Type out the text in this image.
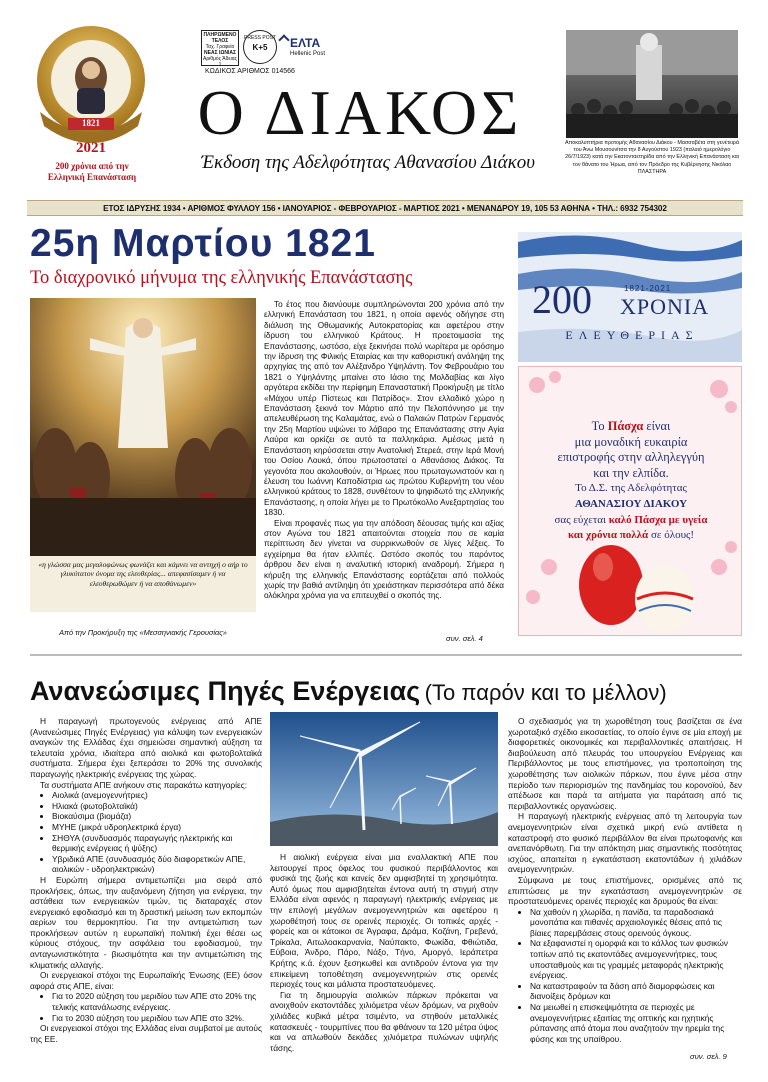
1821
2021
200 χρόνια από την Ελληνική Επανάσταση
ΠΛΗΡΩΜΕΝΟ ΤΕΛΟΣ
Ταχ. Γραφείο
ΝΕΑΣ ΙΩΝΙΑΣ
Αριθμός Άδειας
1
PRESS POST
Κ+5	ΕΛΤΑ
Hellenic Post
ΚΩΔΙΚΟΣ ΑΡΙΘΜΟΣ 014566
Ο ΔΙΑΚΟΣ
Έκδοση της Αδελφότητας Αθανασίου Διάκου
Αποκαλυπτήρια προτομής Αθανασίου Διάκου - Μασσαβέτα στη γενέτειρά του Άνω Μουσουνίτσα την 8 Αυγούστου 1923 (παλαιό ημερολόγιο 26/7/1923) κατά την Εκατονταετηρίδα από την Ελληνική Επανάσταση και τον θάνατο του Ήρωα, από τον Πρόεδρο της Κυβέρνησης Νικόλαο ΠΛΑΣΤΗΡΑ
ΕΤΟΣ ΙΔΡΥΣΗΣ 1934 • ΑΡΙΘΜΟΣ ΦΥΛΛΟΥ 156 • ΙΑΝΟΥΑΡΙΟΣ - ΦΕΒΡΟΥΑΡΙΟΣ - ΜΑΡΤΙΟΣ 2021 • ΜΕΝΑΝΔΡΟΥ 19, 105 53 ΑΘΗΝΑ • ΤΗΛ.: 6932 754302
25η Μαρτίου 1821
Το διαχρονικό μήνυμα της ελληνικής Επανάστασης
«η γλώσσα μας μεγαλοφώνως φωνάζει και κάμνει να αντηχή ο αήρ το γλυκύτατον όνομα της ελευθερίας... απεφασίσαμεν ή να ελευθερωθώμεν ή να αποθάνωμεν»
Από την Προκήρυξη της «Μεσσηνιακής Γερουσίας»

Το έτος που διανύουμε συμπληρώνονται 200 χρόνια από την ελληνική Επανάσταση του 1821, η οποία αφενός οδήγησε στη διάλυση της Οθωμανικής Αυτοκρατορίας και αφετέρου στην ίδρυση του ελληνικού Κράτους. Η προετοιμασία της Επανάστασης, ωστόσο, είχε ξεκινήσει πολύ νωρίτερα με ορόσημο την ίδρυση της Φιλικής Εταιρίας και την καθοριστική ανάληψη της αρχηγίας της από τον Αλέξανδρο Υψηλάντη. Τον Φεβρουάριο του 1821 ο Υψηλάντης μπαίνει στο Ιάσιο της Μολδαβίας και λίγο αργότερα εκδίδει την περίφημη Επαναστατική Προκήρυξη με τίτλο «Μάχου υπέρ Πίστεως και Πατρίδος». Στον ελλαδικό χώρο η Επανάσταση ξεκινά τον Μάρτιο από την Πελοπόννησο με την απελευθέρωση της Καλαμάτας, ενώ ο Παλαιών Πατρών Γερμανός την 25η Μαρτίου υψώνει το λάβαρο της Επανάστασης στην Αγία Λαύρα και ορκίζει σε αυτό τα παλληκάρια. Αμέσως μετά η Επανάσταση κηρύσσεται στην Ανατολική Στερεά, στην Ιερά Μονή του Οσίου Λουκά, όπου πρωτοστατεί ο Αθανάσιος Διάκος. Τα γεγονότα που ακολουθούν, οι Ήρωες που πρωταγωνιστούν και η έλευση του Ιωάννη Καποδίστρια ως πρώτου Κυβερνήτη του νέου ελληνικού κράτους το 1828, συνθέτουν το ψηφιδωτό της ελληνικής Επανάστασης, η οποία λήγει με το Πρωτόκολλο Ανεξαρτησίας του 1830.

Είναι προφανές πως για την απόδοση δέουσας τιμής και αξίας στον Αγώνα του 1821 απαιτούνται στοιχεία που σε καμία περίπτωση δεν γίνεται να συρρικνωθούν σε λίγες λέξεις. Το εγχείρημα θα ήταν ελλιπές. Ωστόσο σκοπός του παρόντος άρθρου δεν είναι η αναλυτική ιστορική αναδρομή. Σήμερα η κήρυξη της ελληνικής Επανάστασης εορτάζεται από πολλούς χωρίς την βαθιά αντίληψη ότι χρειάστηκαν περισσότερα από δέκα ολόκληρα χρόνια για να επιτευχθεί ο σκοπός της.

συν. σελ. 4
200	1821-2021
ΧΡΟΝΙΑ
ΕΛΕΥΘΕΡΙΑΣ
Το Πάσχα είναι
μια μοναδική ευκαιρία
επιστροφής στην αλληλεγγύη
και την ελπίδα.
Το Δ.Σ. της Αδελφότητας
ΑΘΑΝΑΣΙΟΥ ΔΙΑΚΟΥ
σας εύχεται καλό Πάσχα με υγεία
και χρόνια πολλά σε όλους!
Ανανεώσιμες Πηγές Ενέργειας (Το παρόν και το μέλλον)

Η παραγωγή πρωτογενούς ενέργειας από ΑΠΕ (Ανανεώσιμες Πηγές Ενέργειας) για κάλυψη των ενεργειακών αναγκών της Ελλάδας έχει σημειώσει σημαντική αύξηση τα τελευταία χρόνια, ιδιαίτερα από αιολικά και φωτοβολταϊκά συστήματα. Σήμερα έχει ξεπεράσει το 20% της συνολικής παραγωγής ηλεκτρικής ενέργειας της χώρας.

Τα συστήματα ΑΠΕ ανήκουν στις παρακάτω κατηγορίες:

• Αιολικά (ανεμογεννήτριες)
• Ηλιακά (φωτοβολταϊκά)
• Βιοκαύσιμα (βιομάζα)
• ΜΥΗΕ (μικρά υδροηλεκτρικά έργα)
• ΣΗΘΥΑ (συνδυασμός παραγωγής ηλεκτρικής και θερμικής ενέργειας ή ψύξης)
• Υβριδικά ΑΠΕ (συνδυασμός δύο διαφορετικών ΑΠΕ, αιολικών - υδροηλεκτρικών)

Η Ευρώπη σήμερα αντιμετωπίζει μια σειρά από προκλήσεις, όπως, την αυξανόμενη ζήτηση για ενέργεια, την αστάθεια των ενεργειακών τιμών, τις διαταραχές στον ενεργειακό εφοδιασμό και τη δραστική μείωση των εκπομπών αερίων του θερμοκηπίου. Για την αντιμετώπιση των προκλήσεων αυτών η ευρωπαϊκή πολιτική έχει θέσει ως κύριους στόχους, την ασφάλεια του εφοδιασμού, την ανταγωνιστικότητα - βιωσιμότητα και την αντιμετώπιση της κλιματικής αλλαγής.

Οι ενεργειακοί στόχοι της Ευρωπαϊκής Ένωσης (ΕΕ) όσον αφορά στις ΑΠΕ, είναι:

• Για το 2020 αύξηση του μεριδίου των ΑΠΕ στο 20% της τελικής κατανάλωσης ενέργειας.
• Για το 2030 αύξηση του μεριδίου των ΑΠΕ στο 32%.

Οι ενεργειακοί στόχοι της Ελλάδας είναι συμβατοί με αυτούς της ΕΕ.

Η αιολική ενέργεια είναι μια εναλλακτική ΑΠΕ που λειτουργεί προς όφελος του φυσικού περιβάλλοντος και φυσικά της ζωής και κανείς δεν αμφισβητεί τη χρησιμότητα. Αυτό όμως που αμφισβητείται έντονα αυτή τη στιγμή στην Ελλάδα είναι αφενός η παραγωγή ηλεκτρικής ενέργειας με την επιλογή μεγάλων ανεμογεννητριών και αφετέρου η χωροθέτησή τους σε ορεινές περιοχές. Οι τοπικές αρχές - φορείς και οι κάτοικοι σε Άγραφα, Δράμα, Κοζάνη, Γρεβενά, Τρίκαλα, Αιτωλοακαρνανία, Ναύπακτο, Φωκίδα, Φθιώτιδα, Εύβοια, Άνδρο, Πάρο, Νάξο, Τήνο, Αμοργό, Ιεράπετρα Κρήτης κ.ά. έχουν ξεσηκωθεί και αντιδρούν έντονα για την επικείμενη τοποθέτηση ανεμογεννητριών στις ορεινές περιοχές τους και μάλιστα προστατευόμενες.

Για τη δημιουργία αιολικών πάρκων πρόκειται να ανοιχθούν εκατοντάδες χιλιόμετρα νέων δρόμων, να ριχθούν χιλιάδες κυβικά μέτρα τσιμέντο, να στηθούν μεταλλικές κατασκευές - τουρμπίνες που θα φθάνουν τα 120 μέτρα ύψος και να απλωθούν δεκάδες χιλιόμετρα πυλώνων υψηλής τάσης.

Ο σχεδιασμός για τη χωροθέτηση τους βασίζεται σε ένα χωροταξικό σχέδιο εικοσαετίας, το οποίο έγινε σε μία εποχή με διαφορετικές οικονομικές και περιβαλλοντικές απαιτήσεις. Η διαβούλευση από πλευράς του υπουργείου Ενέργειας και Περιβάλλοντος με τους επιστήμονες, για τροποποίηση της χωροθέτησης των αιολικών πάρκων, που έγινε μέσα στην περίοδο των περιορισμών της πανδημίας του κορονοϊού, δεν απέδωσε και παρά τα αιτήματα για παράταση από τις περιβαλλοντικές οργανώσεις.

Η παραγωγή ηλεκτρικής ενέργειας από τη λειτουργία των ανεμογεννητριών είναι σχετικά μικρή ενώ αντίθετα η καταστροφή στο φυσικό περιβάλλον θα είναι πρωτοφανής και ανεπανόρθωτη. Για την απόκτηση μιας σημαντικής ποσότητας ισχύος, απαιτείται η εγκατάσταση εκατοντάδων ή χιλιάδων ανεμογεννητριών.

Σύμφωνα με τους επιστήμονες, ορισμένες από τις επιπτώσεις με την εγκατάσταση ανεμογεννητριών σε προστατευόμενες ορεινές περιοχές και δρυμούς θα είναι:

• Να χαθούν η χλωρίδα, η πανίδα, τα παραδοσιακά μονοπάτια και πιθανές αρχαιολογικές θέσεις από τις βίαιες παρεμβάσεις στους ορεινούς όγκους.
• Να εξαφανιστεί η ομορφιά και το κάλλος των φυσικών τοπίων από τις εκατοντάδες ανεμογεννήτριες, τους υποσταθμούς και τις γραμμές μεταφοράς ηλεκτρικής ενέργειας.
• Να καταστραφούν τα δάση από διαμορφώσεις και διανοίξεις δρόμων και
• Να μειωθεί η επισκεψιμότητα σε περιοχές με ανεμογεννήτριες εξαιτίας της οπτικής και ηχητικής ρύπανσης από άτομα που αναζητούν την ηρεμία της φύσης και της υπαίθρου.
συν. σελ. 9
